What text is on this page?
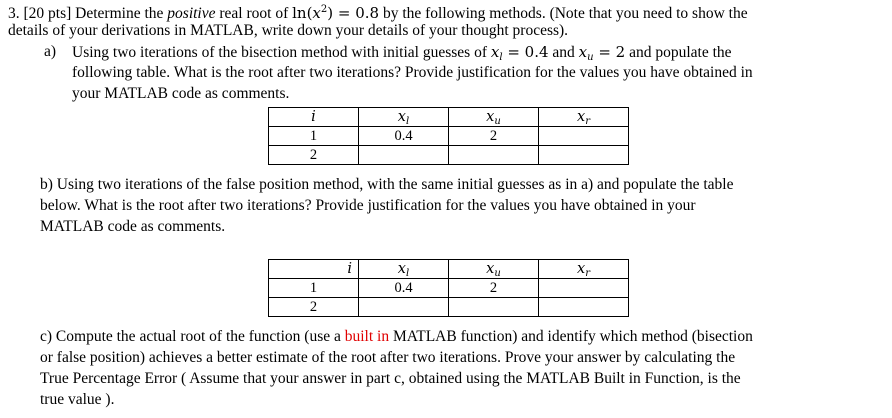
3. [20 pts] Determine the positive real root of $\ln(x^2) = 0.8$ by the following methods. (Note that you need to show the
details of your derivations in MATLAB, write down your details of your thought process).
a) Using two iterations of the bisection method with initial guesses of $x_l = 0.4$ and $x_u = 2$ and populate the
following table. What is the root after two iterations? Provide justification for the values you have obtained in
your MATLAB code as comments.
i	$x_l$	$x_u$	$x_r$
1	0.4	2	
2			
b) Using two iterations of the false position method, with the same initial guesses as in a) and populate the table
below. What is the root after two iterations? Provide justification for the values you have obtained in your
MATLAB code as comments.
i	$x_l$	$x_u$	$x_r$
1	0.4	2	
2			
c) Compute the actual root of the function (use a built in MATLAB function) and identify which method (bisection
or false position) achieves a better estimate of the root after two iterations. Prove your answer by calculating the
True Percentage Error ( Assume that your answer in part c, obtained using the MATLAB Built in Function, is the
true value ).
